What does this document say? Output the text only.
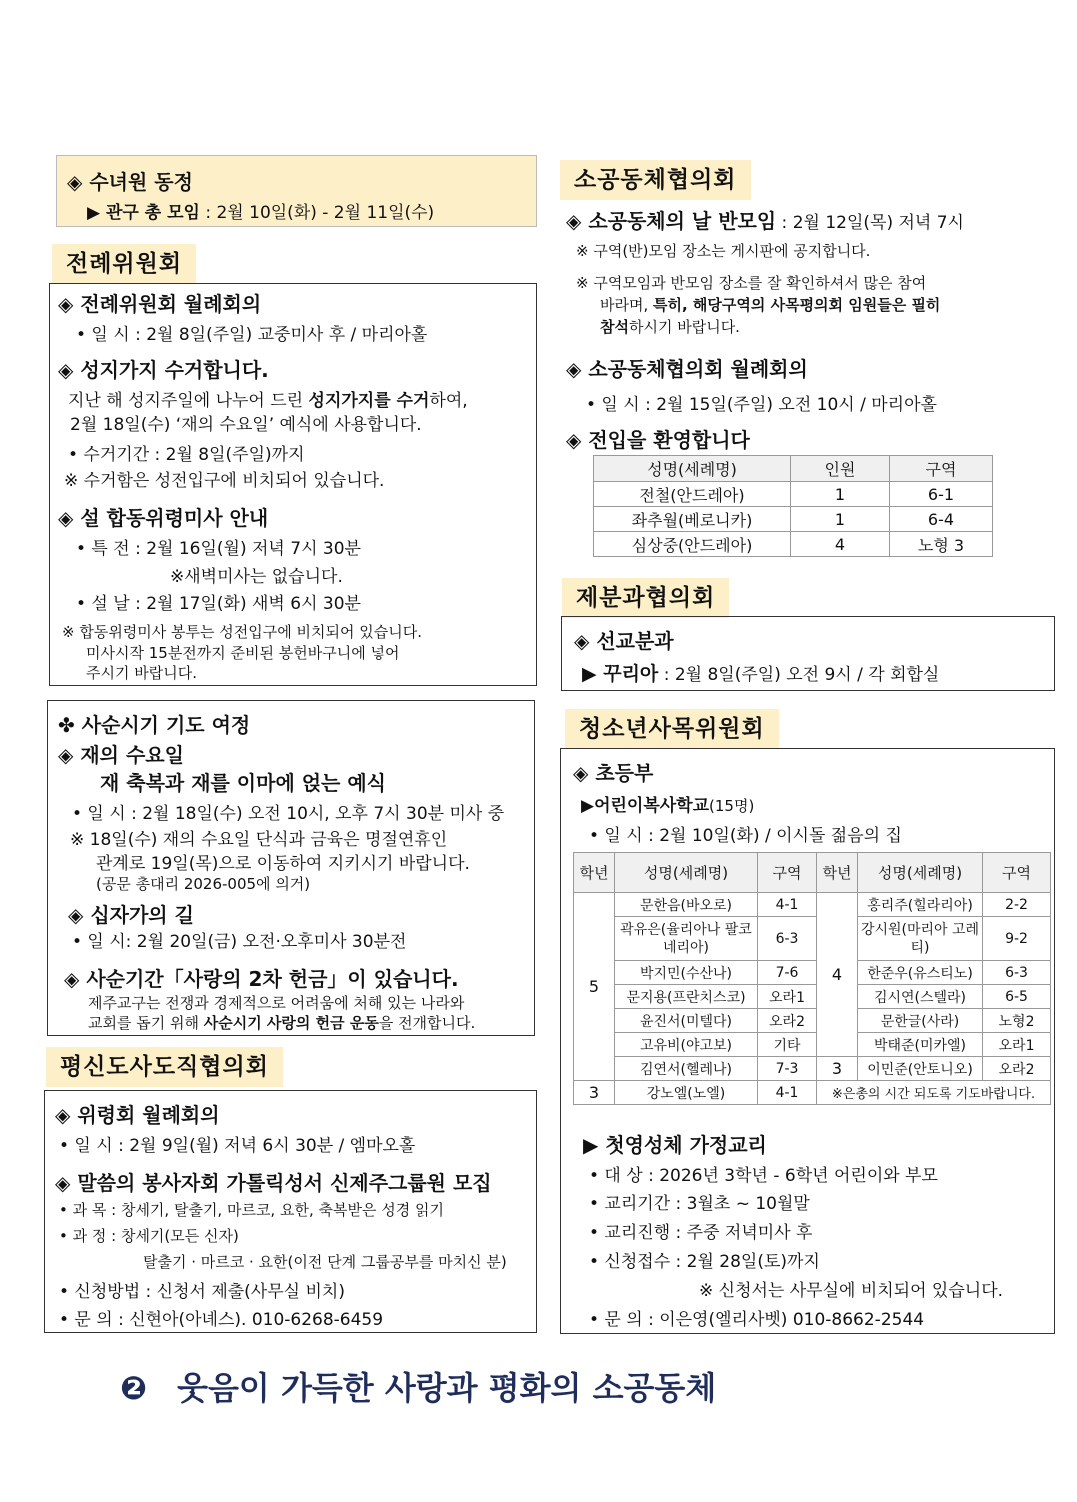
◈ 수녀원 동정
▶ 관구 총 모임 : 2월 10일(화) - 2월 11일(수)
전례위원회
◈ 전례위원회 월례회의
• 일 시 : 2월 8일(주일) 교중미사 후 / 마리아홀
◈ 성지가지 수거합니다.
지난 해 성지주일에 나누어 드린 성지가지를 수거하여,
2월 18일(수) ‘재의 수요일’ 예식에 사용합니다.
• 수거기간 : 2월 8일(주일)까지
※ 수거함은 성전입구에 비치되어 있습니다.
◈ 설 합동위령미사 안내
• 특 전 : 2월 16일(월) 저녁 7시 30분
※새벽미사는 없습니다.
• 설 날 : 2월 17일(화) 새벽 6시 30분
※ 합동위령미사 봉투는 성전입구에 비치되어 있습니다.
미사시작 15분전까지 준비된 봉헌바구니에 넣어
주시기 바랍니다.
✤ 사순시기 기도 여정
◈ 재의 수요일
재 축복과 재를 이마에 얹는 예식
• 일 시 : 2월 18일(수) 오전 10시, 오후 7시 30분 미사 중
※ 18일(수) 재의 수요일 단식과 금육은 명절연휴인
관계로 19일(목)으로 이동하여 지키시기 바랍니다.
(공문 총대리 2026-005에 의거)
◈ 십자가의 길
• 일 시: 2월 20일(금) 오전·오후미사 30분전
◈ 사순기간「사랑의 2차 헌금」이 있습니다.
제주교구는 전쟁과 경제적으로 어려움에 처해 있는 나라와
교회를 돕기 위해 사순시기 사랑의 헌금 운동을 전개합니다.
평신도사도직협의회
◈ 위령회 월례회의
• 일 시 : 2월 9일(월) 저녁 6시 30분 / 엠마오홀
◈ 말씀의 봉사자회 가톨릭성서 신제주그룹원 모집
• 과 목 : 창세기, 탈출기, 마르코, 요한, 축복받은 성경 읽기
• 과 정 : 창세기(모든 신자)
탈출기 · 마르코 · 요한(이전 단계 그룹공부를 마치신 분)
• 신청방법 : 신청서 제출(사무실 비치)
• 문 의 : 신현아(아녜스). 010-6268-6459
소공동체협의회
◈ 소공동체의 날 반모임 : 2월 12일(목) 저녁 7시
※ 구역(반)모임 장소는 게시판에 공지합니다.
※ 구역모임과 반모임 장소를 잘 확인하셔서 많은 참여
바라며, 특히, 해당구역의 사목평의회 임원들은 필히
참석하시기 바랍니다.
◈ 소공동체협의회 월례회의
• 일 시 : 2월 15일(주일) 오전 10시 / 마리아홀
◈ 전입을 환영합니다
성명(세례명)	인원	구역
전철(안드레아)	1	6-1
좌추월(베로니카)	1	6-4
심상중(안드레아)	4	노형 3
제분과협의회
◈ 선교분과
▶ 꾸리아 : 2월 8일(주일) 오전 9시 / 각 회합실
청소년사목위원회
◈ 초등부
▶어린이복사학교(15명)
• 일 시 : 2월 10일(화) / 이시돌 젊음의 집
학년	성명(세례명)	구역	학년	성명(세례명)	구역
5	문한음(바오로)	4-1	4	홍리주(힐라리아)	2-2
	곽유은(율리아나 팔코네리아)	6-3		강시원(마리아 고레티)	9-2
	박지민(수산나)	7-6		한준우(유스티노)	6-3
	문지용(프란치스코)	오라1		김시연(스텔라)	6-5
	윤진서(미텔다)	오라2		문한글(사라)	노형2
	고유비(야고보)	기타		박태준(미카엘)	오라1
	김연서(헬레나)	7-3	3	이민준(안토니오)	오라2
3	강노엘(노엘)	4-1	※은총의 시간 되도록 기도바랍니다.		
▶ 첫영성체 가정교리
• 대 상 : 2026년 3학년 - 6학년 어린이와 부모
• 교리기간 : 3월초 ~ 10월말
• 교리진행 : 주중 저녁미사 후
• 신청접수 : 2월 28일(토)까지
※ 신청서는 사무실에 비치되어 있습니다.
• 문 의 : 이은영(엘리사벳) 010-8662-2544
❷ 웃음이 가득한 사랑과 평화의 소공동체
